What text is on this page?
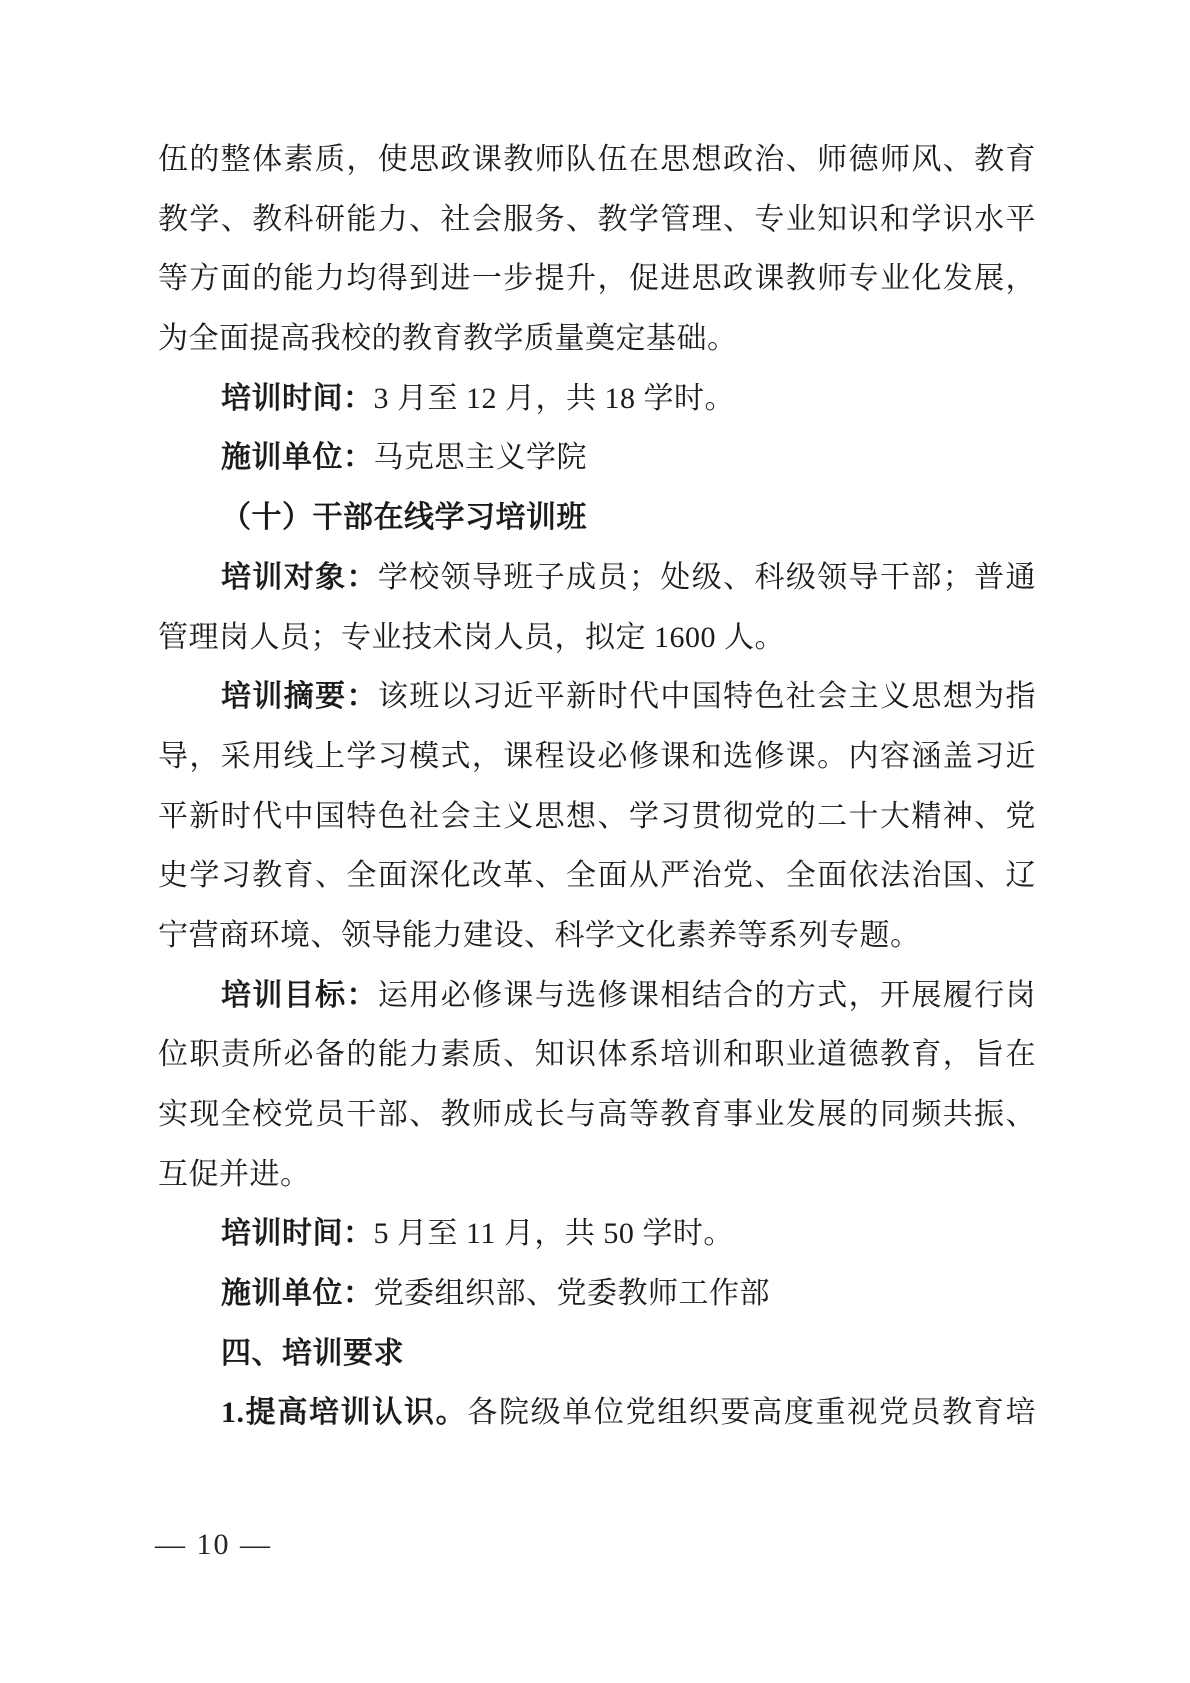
伍的整体素质，使思政课教师队伍在思想政治、师德师风、教育
教学、教科研能力、社会服务、教学管理、专业知识和学识水平
等方面的能力均得到进一步提升，促进思政课教师专业化发展，
为全面提高我校的教育教学质量奠定基础。
培训时间：3 月至 12 月，共 18 学时。
施训单位：马克思主义学院
（十）干部在线学习培训班
培训对象：学校领导班子成员；处级、科级领导干部；普通
管理岗人员；专业技术岗人员，拟定 1600 人。
培训摘要：该班以习近平新时代中国特色社会主义思想为指
导，采用线上学习模式，课程设必修课和选修课。内容涵盖习近
平新时代中国特色社会主义思想、学习贯彻党的二十大精神、党
史学习教育、全面深化改革、全面从严治党、全面依法治国、辽
宁营商环境、领导能力建设、科学文化素养等系列专题。
培训目标：运用必修课与选修课相结合的方式，开展履行岗
位职责所必备的能力素质、知识体系培训和职业道德教育，旨在
实现全校党员干部、教师成长与高等教育事业发展的同频共振、
互促并进。
培训时间：5 月至 11 月，共 50 学时。
施训单位：党委组织部、党委教师工作部
四、培训要求
1.提高培训认识。各院级单位党组织要高度重视党员教育培
— 10 —
